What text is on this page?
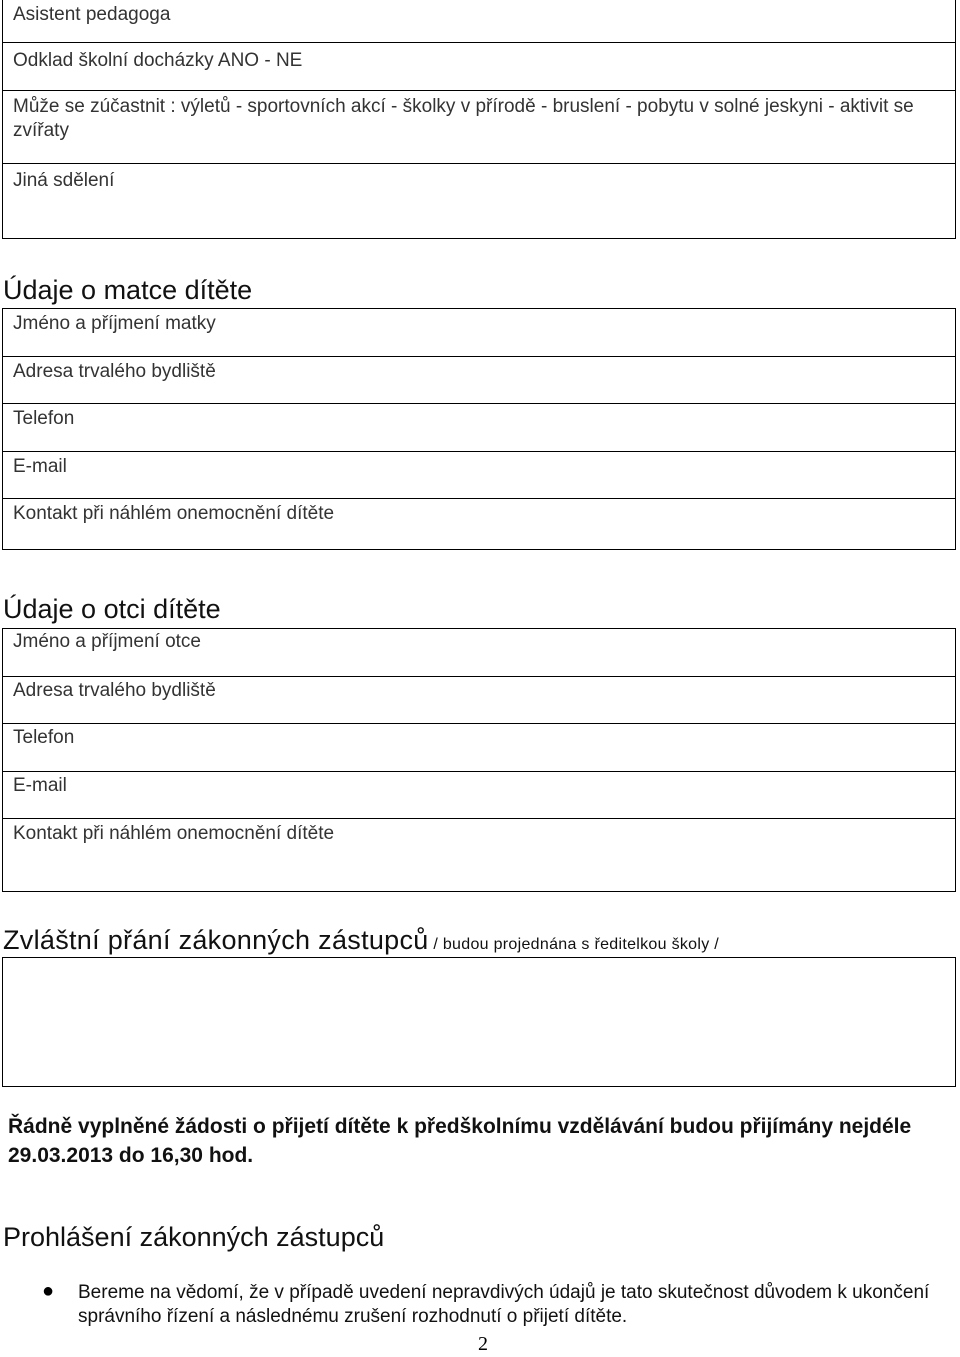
Asistent pedagoga
Odklad školní docházky ANO - NE
Může se zúčastnit : výletů - sportovních akcí - školky v přírodě - bruslení - pobytu v solné jeskyni - aktivit se zvířaty
Jiná sdělení
Údaje o matce dítěte
Jméno a příjmení matky
Adresa trvalého bydliště
Telefon
E-mail
Kontakt při náhlém onemocnění dítěte
Údaje o otci dítěte
Jméno a příjmení otce
Adresa trvalého bydliště
Telefon
E-mail
Kontakt při náhlém onemocnění dítěte
Zvláštní přání zákonných zástupců / budou projednána s ředitelkou školy /
Řádně vyplněné žádosti o přijetí dítěte k předškolnímu vzdělávání budou přijímány nejdéle 29.03.2013 do 16,30 hod.
Prohlášení zákonných zástupců
● Bereme na vědomí, že v případě uvedení nepravdivých údajů je tato skutečnost důvodem k ukončení správního řízení a následnému zrušení rozhodnutí o přijetí dítěte.
2
